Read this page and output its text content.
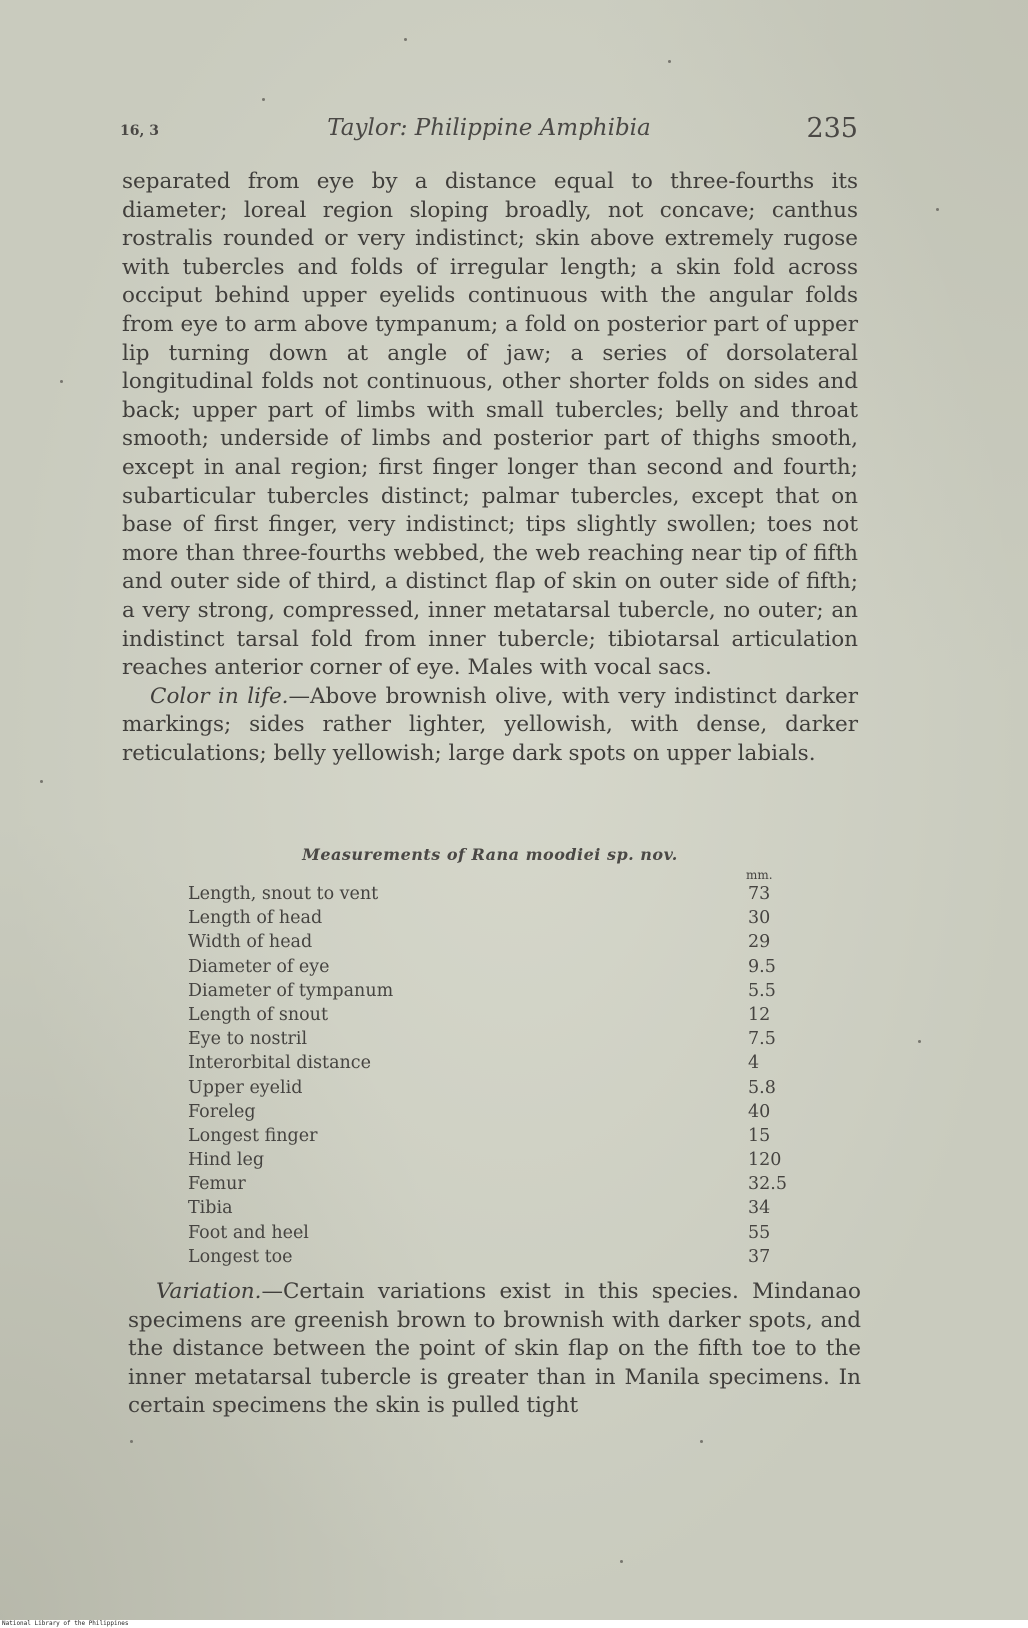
16, 3	Taylor: Philippine Amphibia	235

separated from eye by a distance equal to three-fourths its diameter; loreal region sloping broadly, not concave; canthus rostralis rounded or very indistinct; skin above extremely rugose with tubercles and folds of irregular length; a skin fold across occiput behind upper eyelids continuous with the angular folds from eye to arm above tympanum; a fold on posterior part of upper lip turning down at angle of jaw; a series of dorsolateral longitudinal folds not continuous, other shorter folds on sides and back; upper part of limbs with small tubercles; belly and throat smooth; underside of limbs and posterior part of thighs smooth, except in anal region; first finger longer than second and fourth; subarticular tubercles distinct; palmar tubercles, except that on base of first finger, very indistinct; tips slightly swollen; toes not more than three-fourths webbed, the web reaching near tip of fifth and outer side of third, a distinct flap of skin on outer side of fifth; a very strong, compressed, inner metatarsal tubercle, no outer; an indistinct tarsal fold from inner tubercle; tibiotarsal articulation reaches anterior corner of eye. Males with vocal sacs.

Color in life.—Above brownish olive, with very indistinct darker markings; sides rather lighter, yellowish, with dense, darker reticulations; belly yellowish; large dark spots on upper labials.

Measurements of Rana moodiei sp. nov.
mm.
Length, snout to vent	73
Length of head	30
Width of head	29
Diameter of eye	9.5
Diameter of tympanum	5.5
Length of snout	12
Eye to nostril	7.5
Interorbital distance	4
Upper eyelid	5.8
Foreleg	40
Longest finger	15
Hind leg	120
Femur	32.5
Tibia	34
Foot and heel	55
Longest toe	37

Variation.—Certain variations exist in this species. Mindanao specimens are greenish brown to brownish with darker spots, and the distance between the point of skin flap on the fifth toe to the inner metatarsal tubercle is greater than in Manila specimens. In certain specimens the skin is pulled tight

National Library of the Philippines
